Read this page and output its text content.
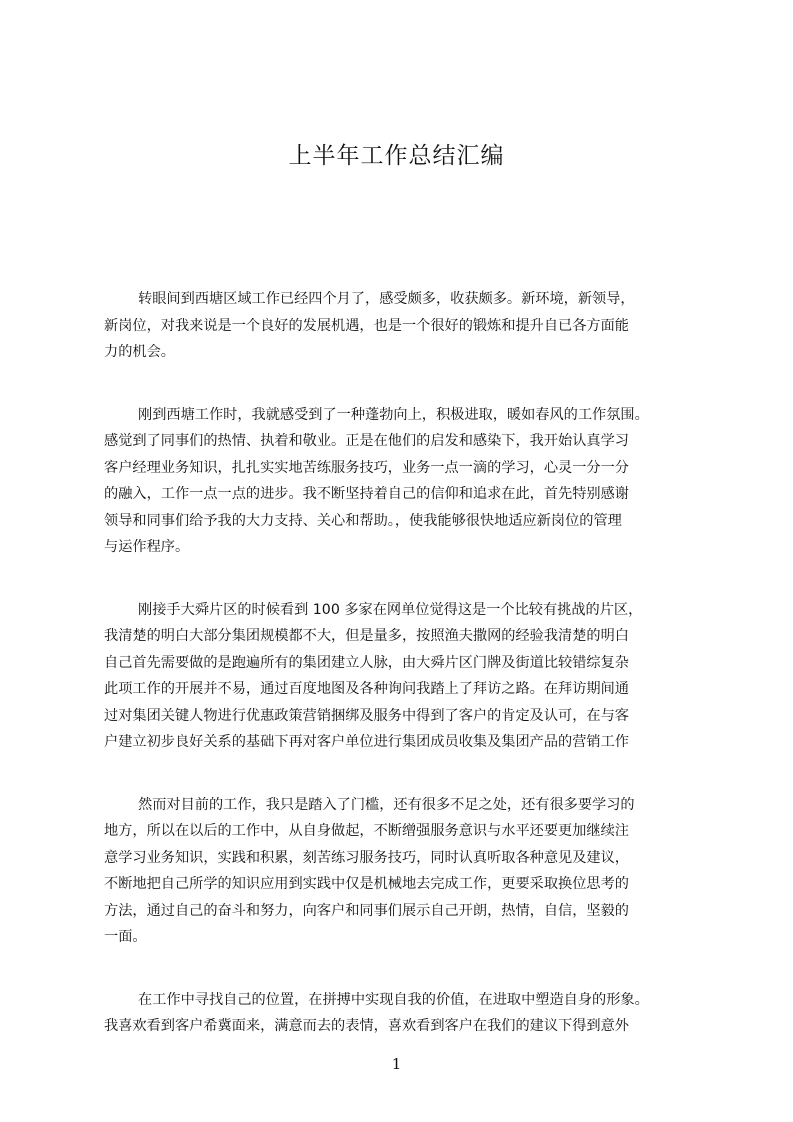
上半年工作总结汇编
转眼间到西塘区域工作已经四个月了，感受颇多，收获颇多。新环境，新领导，
新岗位，对我来说是一个良好的发展机遇，也是一个很好的锻炼和提升自已各方面能
力的机会。
刚到西塘工作时，我就感受到了一种蓬勃向上，积极进取，暖如春风的工作氛围。
感觉到了同事们的热情、执着和敬业。正是在他们的启发和感染下，我开始认真学习
客户经理业务知识，扎扎实实地苦练服务技巧，业务一点一滴的学习，心灵一分一分
的融入，工作一点一点的进步。我不断坚持着自己的信仰和追求在此，首先特别感谢
领导和同事们给予我的大力支持、关心和帮助。，使我能够很快地适应新岗位的管理
与运作程序。
刚接手大舜片区的时候看到 100 多家在网单位觉得这是一个比较有挑战的片区，
我清楚的明白大部分集团规模都不大，但是量多，按照渔夫撒网的经验我清楚的明白
自己首先需要做的是跑遍所有的集团建立人脉，由大舜片区门牌及街道比较错综复杂
此项工作的开展并不易，通过百度地图及各种询问我踏上了拜访之路。在拜访期间通
过对集团关键人物进行优惠政策营销捆绑及服务中得到了客户的肯定及认可，在与客
户建立初步良好关系的基础下再对客户单位进行集团成员收集及集团产品的营销工作
然而对目前的工作，我只是踏入了门槛，还有很多不足之处，还有很多要学习的
地方，所以在以后的工作中，从自身做起，不断缯强服务意识与水平还要更加继续注
意学习业务知识，实践和积累，刻苦练习服务技巧，同时认真听取各种意见及建议，
不断地把自己所学的知识应用到实践中仅是机械地去完成工作，更要采取换位思考的
方法，通过自己的奋斗和努力，向客户和同事们展示自己开朗，热情，自信，坚毅的
一面。
在工作中寻找自己的位置，在拼搏中实现自我的价值，在进取中塑造自身的形象。
我喜欢看到客户希冀面来，满意而去的表情，喜欢看到客户在我们的建议下得到意外
1
